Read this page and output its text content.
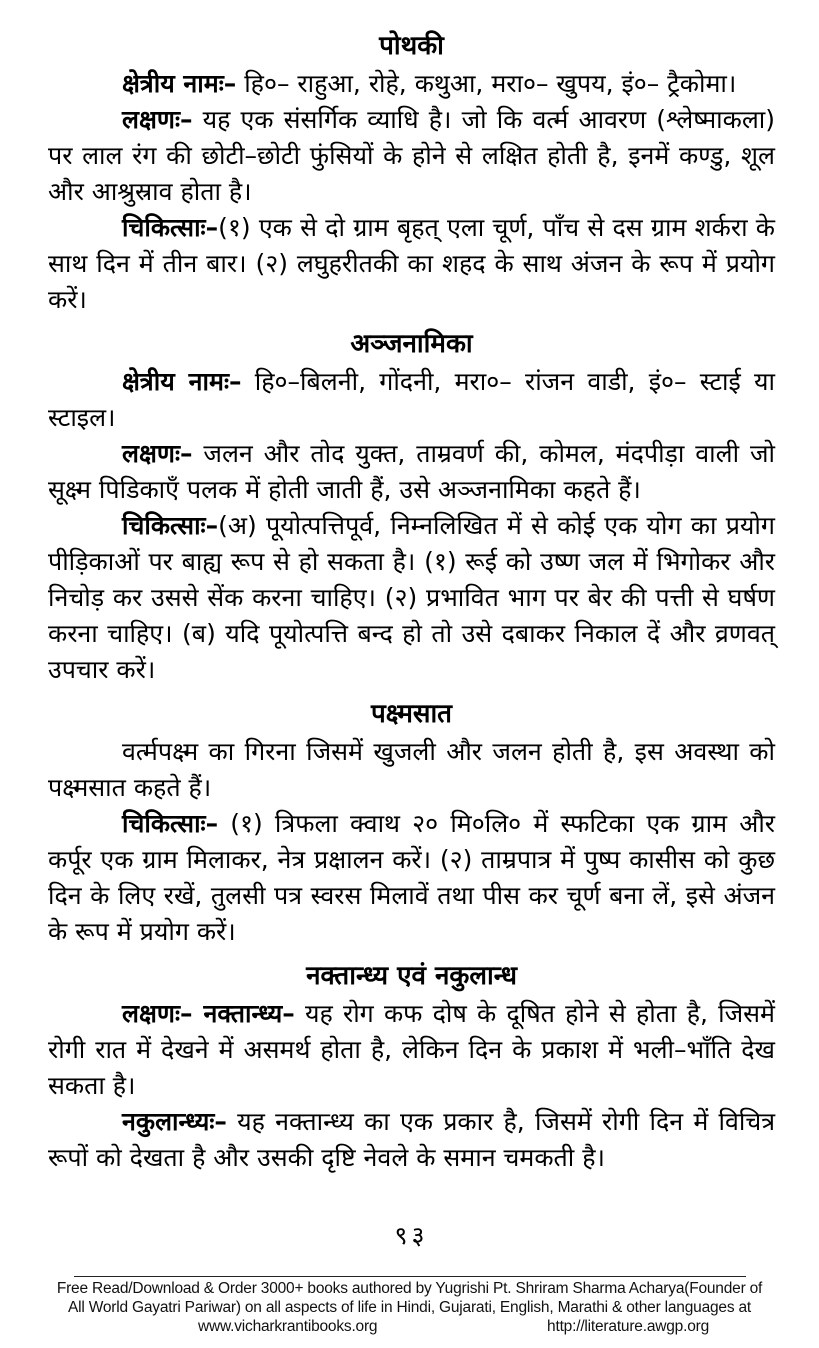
पोथकी

क्षेत्रीय नामः– हि०– राहुआ, रोहे, कथुआ, मरा०– खुपय, इं०– ट्रैकोमा।

लक्षणः– यह एक संसर्गिक व्याधि है। जो कि वर्त्म आवरण (श्लेष्माकला) पर लाल रंग की छोटी–छोटी फुंसियों के होने से लक्षित होती है, इनमें कण्डु, शूल और आश्रुस्राव होता है।

चिकित्साः–(१) एक से दो ग्राम बृहत् एला चूर्ण, पाँच से दस ग्राम शर्करा के साथ दिन में तीन बार। (२) लघुहरीतकी का शहद के साथ अंजन के रूप में प्रयोग करें।

अञ्जनामिका

क्षेत्रीय नामः– हि०–बिलनी, गोंदनी, मरा०– रांजन वाडी, इं०– स्टाई या स्टाइल।

लक्षणः– जलन और तोद युक्त, ताम्रवर्ण की, कोमल, मंदपीड़ा वाली जो सूक्ष्म पिडिकाएँ पलक में होती जाती हैं, उसे अञ्जनामिका कहते हैं।

चिकित्साः–(अ) पूयोत्पत्तिपूर्व, निम्नलिखित में से कोई एक योग का प्रयोग पीड़िकाओं पर बाह्य रूप से हो सकता है। (१) रूई को उष्ण जल में भिगोकर और निचोड़ कर उससे सेंक करना चाहिए। (२) प्रभावित भाग पर बेर की पत्ती से घर्षण करना चाहिए। (ब) यदि पूयोत्पत्ति बन्द हो तो उसे दबाकर निकाल दें और व्रणवत् उपचार करें।

पक्ष्मसात

वर्त्मपक्ष्म का गिरना जिसमें खुजली और जलन होती है, इस अवस्था को पक्ष्मसात कहते हैं।

चिकित्साः– (१) त्रिफला क्वाथ २० मि०लि० में स्फटिका एक ग्राम और कर्पूर एक ग्राम मिलाकर, नेत्र प्रक्षालन करें। (२) ताम्रपात्र में पुष्प कासीस को कुछ दिन के लिए रखें, तुलसी पत्र स्वरस मिलावें तथा पीस कर चूर्ण बना लें, इसे अंजन के रूप में प्रयोग करें।

नक्तान्ध्य एवं नकुलान्ध

लक्षणः– नक्तान्ध्य– यह रोग कफ दोष के दूषित होने से होता है, जिसमें रोगी रात में देखने में असमर्थ होता है, लेकिन दिन के प्रकाश में भली–भाँति देख सकता है।

नकुलान्ध्यः– यह नक्तान्ध्य का एक प्रकार है, जिसमें रोगी दिन में विचित्र रूपों को देखता है और उसकी दृष्टि नेवले के समान चमकती है।

९३
Free Read/Download & Order 3000+ books authored by Yugrishi Pt. Shriram Sharma Acharya(Founder of
All World Gayatri Pariwar) on all aspects of life in Hindi, Gujarati, English, Marathi & other languages at
www.vicharkrantibooks.org	http://literature.awgp.org
